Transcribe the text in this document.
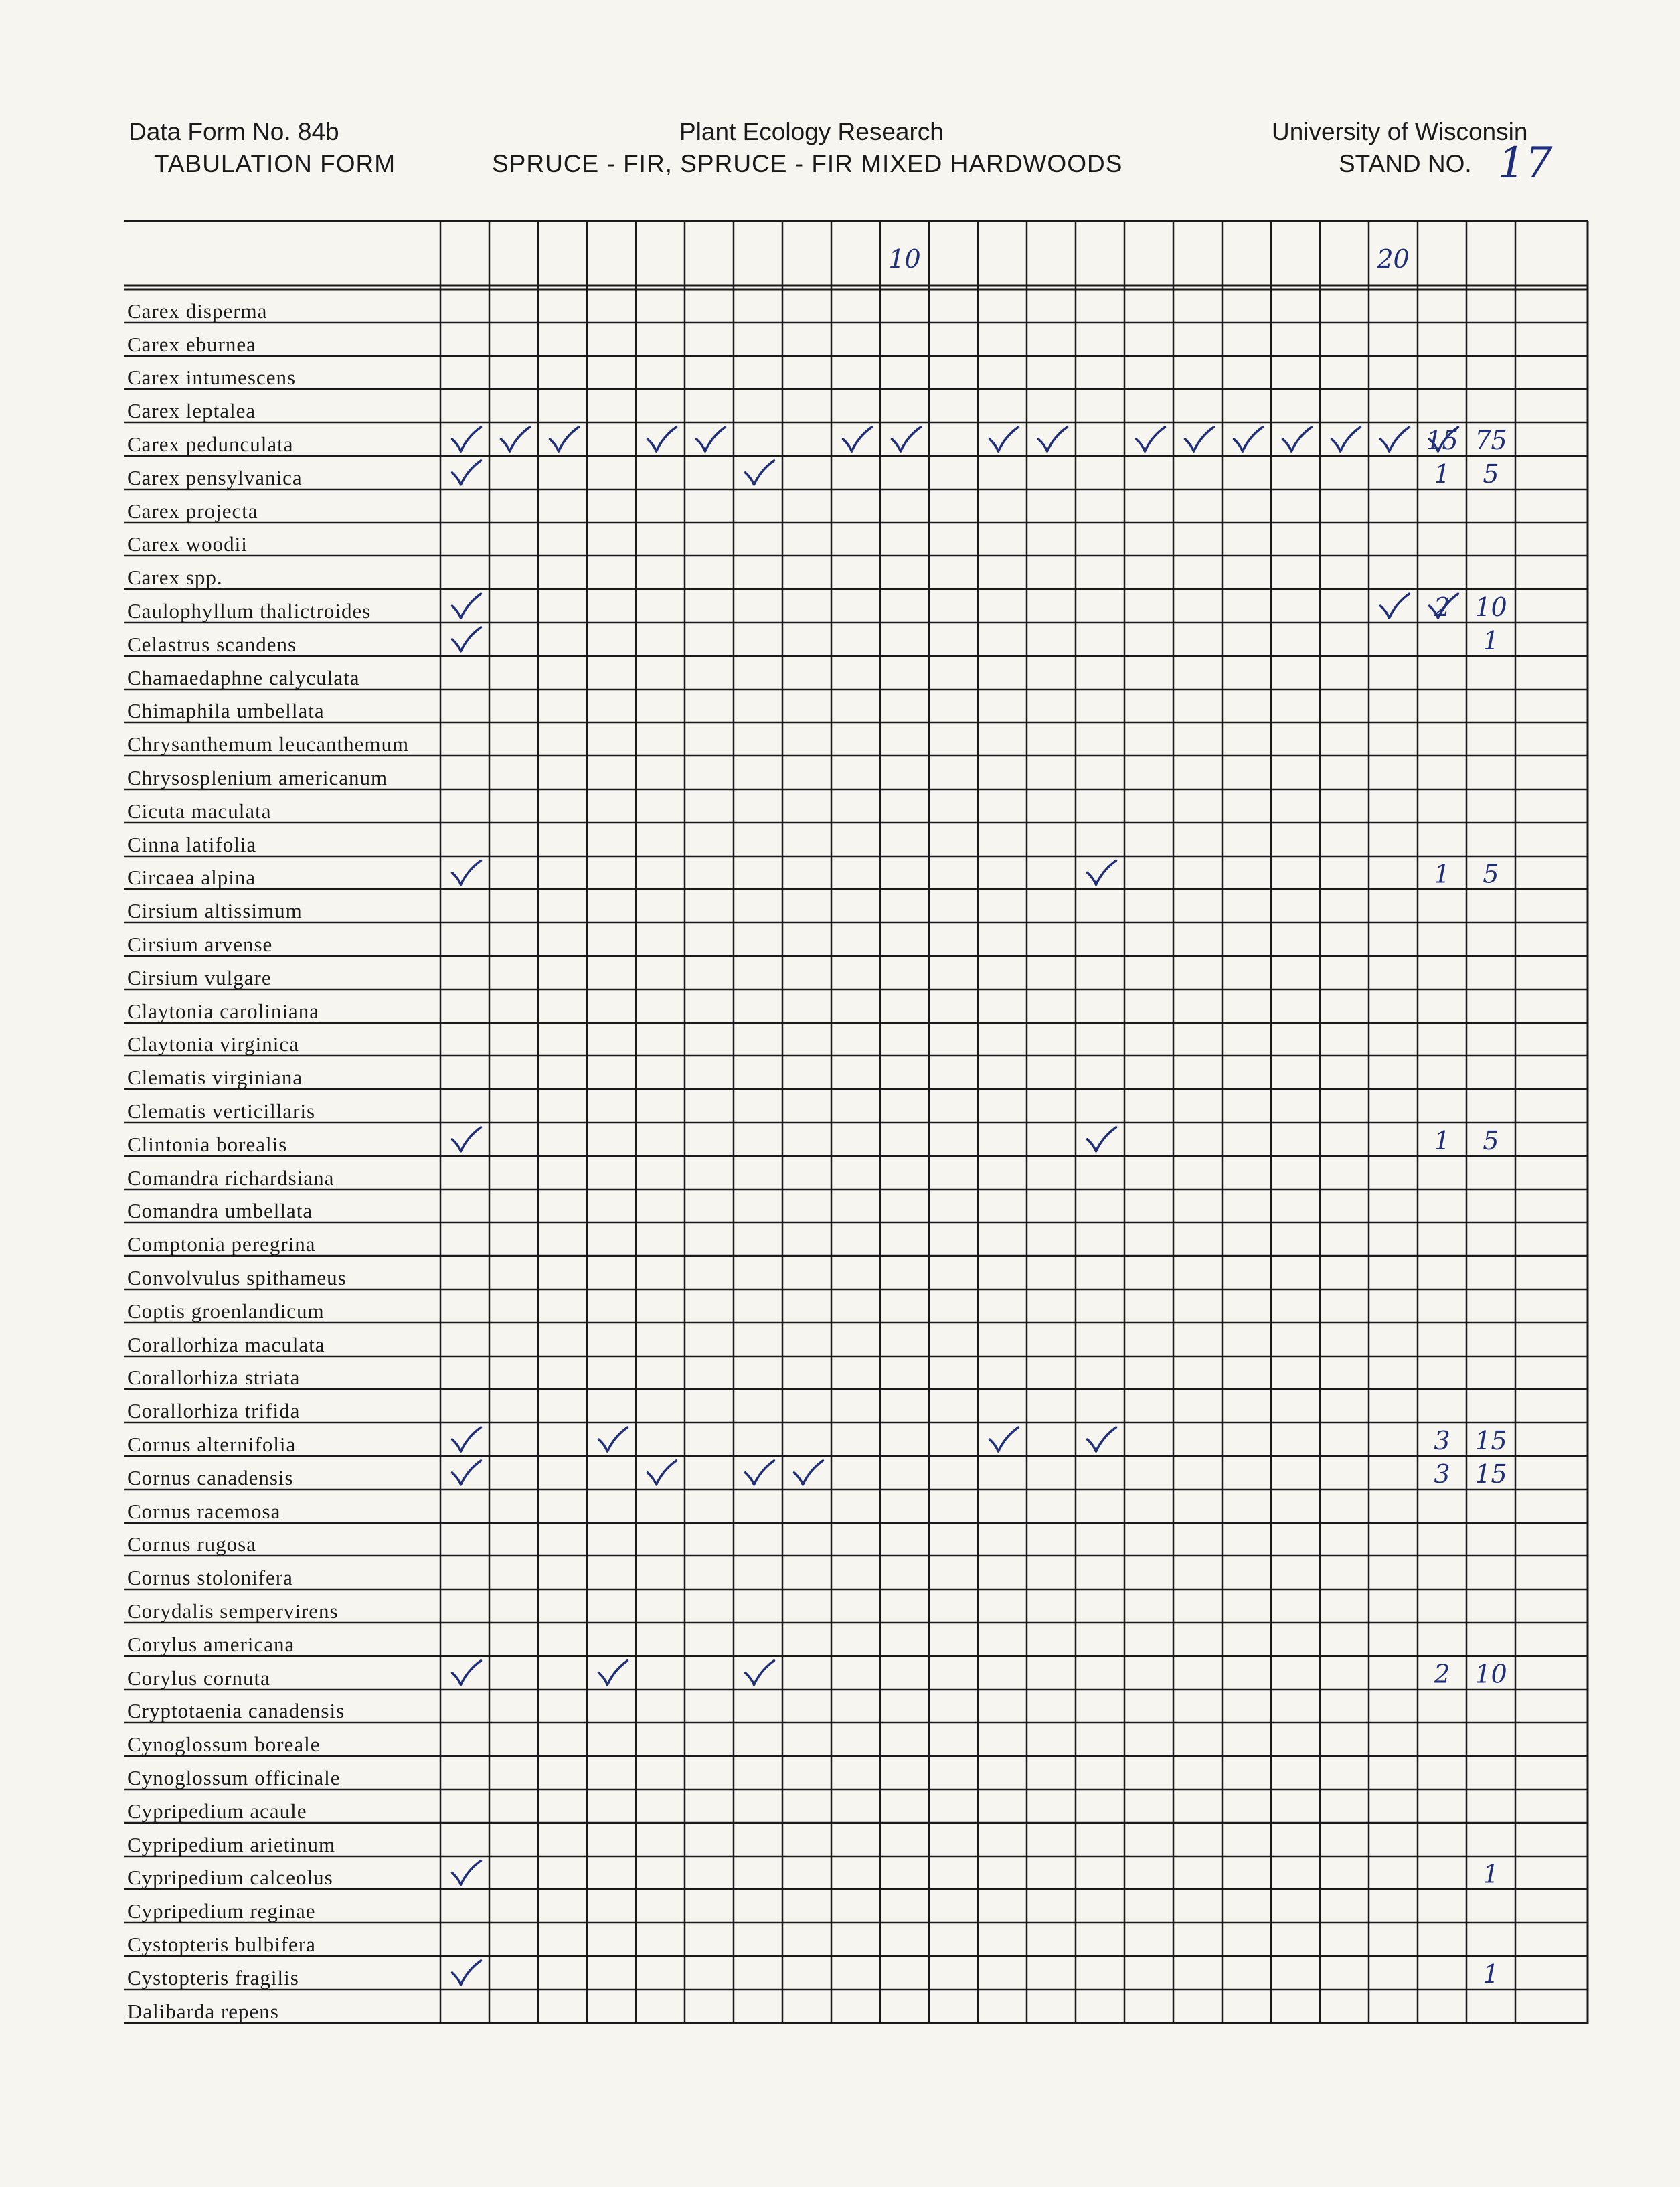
Data Form No. 84b
TABULATION FORM
Plant Ecology Research
SPRUCE - FIR, SPRUCE - FIR MIXED HARDWOODS
University of Wisconsin
STAND NO. 17
10	20
15 75
1 5
2 10
1
1 5
1 5
3 15
3 15
2 10
1
1
Carex disperma
Carex eburnea
Carex intumescens
Carex leptalea
Carex pedunculata
Carex pensylvanica
Carex projecta
Carex woodii
Carex spp.
Caulophyllum thalictroides
Celastrus scandens
Chamaedaphne calyculata
Chimaphila umbellata
Chrysanthemum leucanthemum
Chrysosplenium americanum
Cicuta maculata
Cinna latifolia
Circaea alpina
Cirsium altissimum
Cirsium arvense
Cirsium vulgare
Claytonia caroliniana
Claytonia virginica
Clematis virginiana
Clematis verticillaris
Clintonia borealis
Comandra richardsiana
Comandra umbellata
Comptonia peregrina
Convolvulus spithameus
Coptis groenlandicum
Corallorhiza maculata
Corallorhiza striata
Corallorhiza trifida
Cornus alternifolia
Cornus canadensis
Cornus racemosa
Cornus rugosa
Cornus stolonifera
Corydalis sempervirens
Corylus americana
Corylus cornuta
Cryptotaenia canadensis
Cynoglossum boreale
Cynoglossum officinale
Cypripedium acaule
Cypripedium arietinum
Cypripedium calceolus
Cypripedium reginae
Cystopteris bulbifera
Cystopteris fragilis
Dalibarda repens
